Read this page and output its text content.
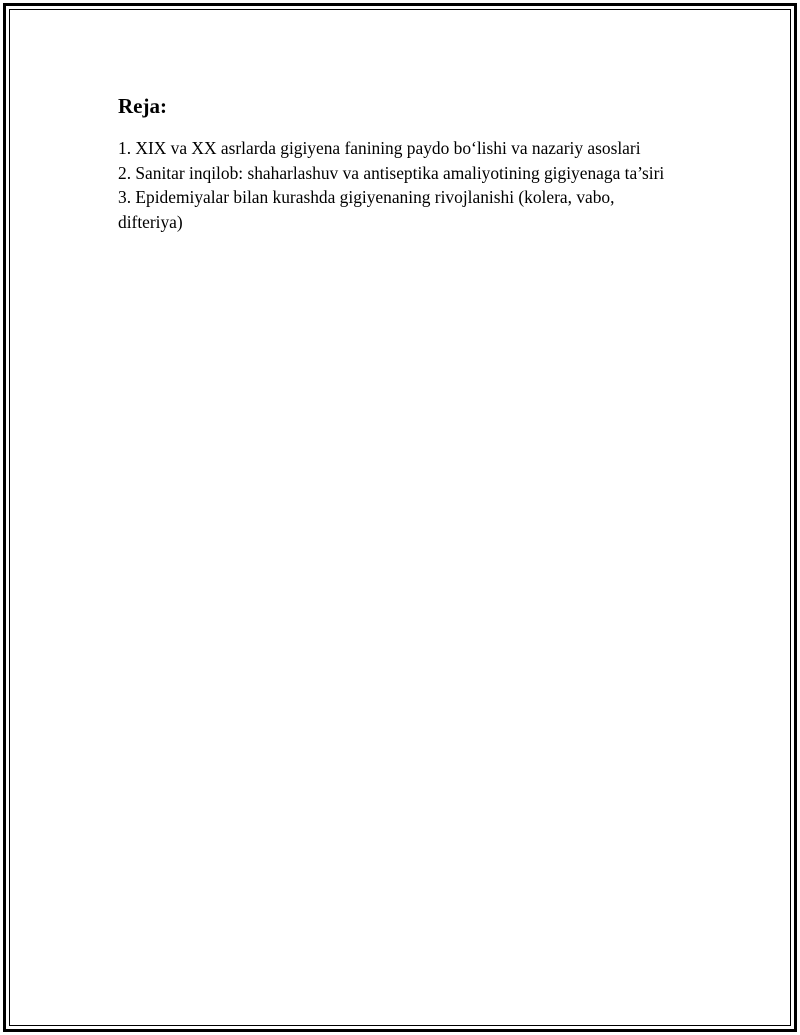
Reja:
1. XIX va XX asrlarda gigiyena fanining paydo bo‘lishi va nazariy asoslari
2. Sanitar inqilob: shaharlashuv va antiseptika amaliyotining gigiyenaga ta’siri
3. Epidemiyalar bilan kurashda gigiyenaning rivojlanishi (kolera, vabo, difteriya)
